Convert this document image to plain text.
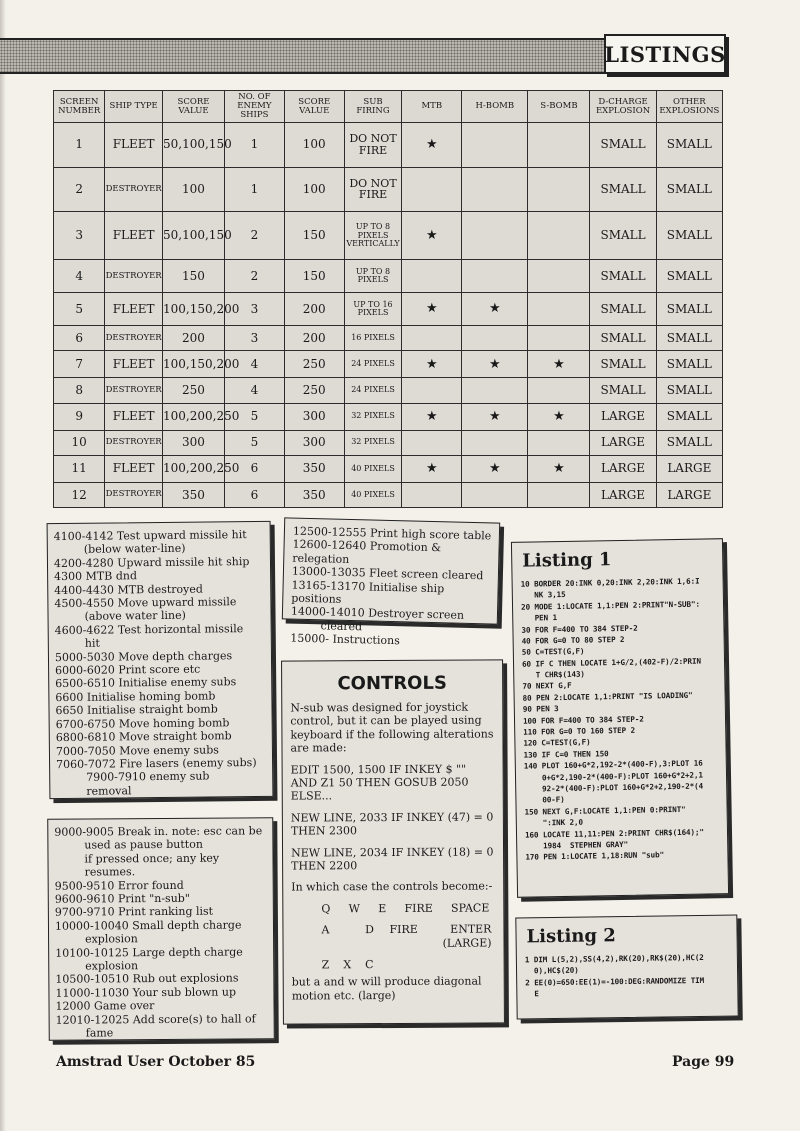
LISTINGS
SCREEN NUMBER	SHIP TYPE	SCORE VALUE	NO. OF ENEMY SHIPS	SCORE VALUE	SUB FIRING	MTB	H-BOMB	S-BOMB	D-CHARGE EXPLOSION	OTHER EXPLOSIONS
1	FLEET	50,100,150	1	100	DO NOT FIRE	★			SMALL	SMALL
2	DESTROYER	100	1	100	DO NOT FIRE				SMALL	SMALL
3	FLEET	50,100,150	2	150	UP TO 8 PIXELS VERTICALLY	★			SMALL	SMALL
4	DESTROYER	150	2	150	UP TO 8 PIXELS				SMALL	SMALL
5	FLEET	100,150,200	3	200	UP TO 16 PIXELS	★	★		SMALL	SMALL
6	DESTROYER	200	3	200	16 PIXELS				SMALL	SMALL
7	FLEET	100,150,200	4	250	24 PIXELS	★	★	★	SMALL	SMALL
8	DESTROYER	250	4	250	24 PIXELS				SMALL	SMALL
9	FLEET	100,200,250	5	300	32 PIXELS	★	★	★	LARGE	SMALL
10	DESTROYER	300	5	300	32 PIXELS				LARGE	SMALL
11	FLEET	100,200,250	6	350	40 PIXELS	★	★	★	LARGE	LARGE
12	DESTROYER	350	6	350	40 PIXELS				LARGE	LARGE
4100-4142 Test upward missile hit
(below water-line)
4200-4280 Upward missile hit ship
4300 MTB dnd
4400-4430 MTB destroyed
4500-4550 Move upward missile
(above water line)
4600-4622 Test horizontal missile
hit
5000-5030 Move depth charges
6000-6020 Print score etc
6500-6510 Initialise enemy subs
6600 Initialise homing bomb
6650 Initialise straight bomb
6700-6750 Move homing bomb
6800-6810 Move straight bomb
7000-7050 Move enemy subs
7060-7072 Fire lasers (enemy subs)
7900-7910 enemy sub
removal
12500-12555 Print high score table
12600-12640 Promotion & relegation
13000-13035 Fleet screen cleared
13165-13170 Initialise ship positions
14000-14010 Destroyer screen
cleared
15000- Instructions
9000-9005 Break in. note: esc can be
used as pause button
if pressed once; any key
resumes.
9500-9510 Error found
9600-9610 Print "n-sub"
9700-9710 Print ranking list
10000-10040 Small depth charge
explosion
10100-10125 Large depth charge
explosion
10500-10510 Rub out explosions
11000-11030 Your sub blown up
12000 Game over
12010-12025 Add score(s) to hall of
fame
CONTROLS
N-sub was designed for joystick control, but it can be played using keyboard if the following alterations are made:
EDIT 1500, 1500 IF INKEY $ "" AND Z1 50 THEN GOSUB 2050 ELSE...
NEW LINE, 2033 IF INKEY (47) = 0 THEN 2300
NEW LINE, 2034 IF INKEY (18) = 0 THEN 2200
In which case the controls become:-
Q W E FIRE SPACE
A	D FIRE	ENTER (LARGE)
Z X C
but a and w will produce diagonal motion etc. (large)
Listing 1
10 BORDER 20:INK 0,20:INK 2,20:INK 1,6:I
NK 3,15
20 MODE 1:LOCATE 1,1:PEN 2:PRINT"N-SUB":
PEN 1
30 FOR F=400 TO 384 STEP-2
40 FOR G=0 TO 80 STEP 2
50 C=TEST(G,F)
60 IF C THEN LOCATE 1+G/2,(402-F)/2:PRIN
T CHR$(143)
70 NEXT G,F
80 PEN 2:LOCATE 1,1:PRINT "IS LOADING"
90 PEN 3
100 FOR F=400 TO 384 STEP-2
110 FOR G=0 TO 160 STEP 2
120 C=TEST(G,F)
130 IF C=0 THEN 150
140 PLOT 160+G*2,192-2*(400-F),3:PLOT 16
0+G*2,190-2*(400-F):PLOT 160+G*2+2,1
92-2*(400-F):PLOT 160+G*2+2,190-2*(4
00-F)
150 NEXT G,F:LOCATE 1,1:PEN 0:PRINT"
":INK 2,0
160 LOCATE 11,11:PEN 2:PRINT CHR$(164);"
1984  STEPHEN GRAY"
170 PEN 1:LOCATE 1,18:RUN "sub"
Listing 2
1 DIM L(5,2),SS(4,2),RK(20),RK$(20),HC(2
0),HC$(20)
2 EE(0)=650:EE(1)=-100:DEG:RANDOMIZE TIM
E
Amstrad User October 85	Page 99
